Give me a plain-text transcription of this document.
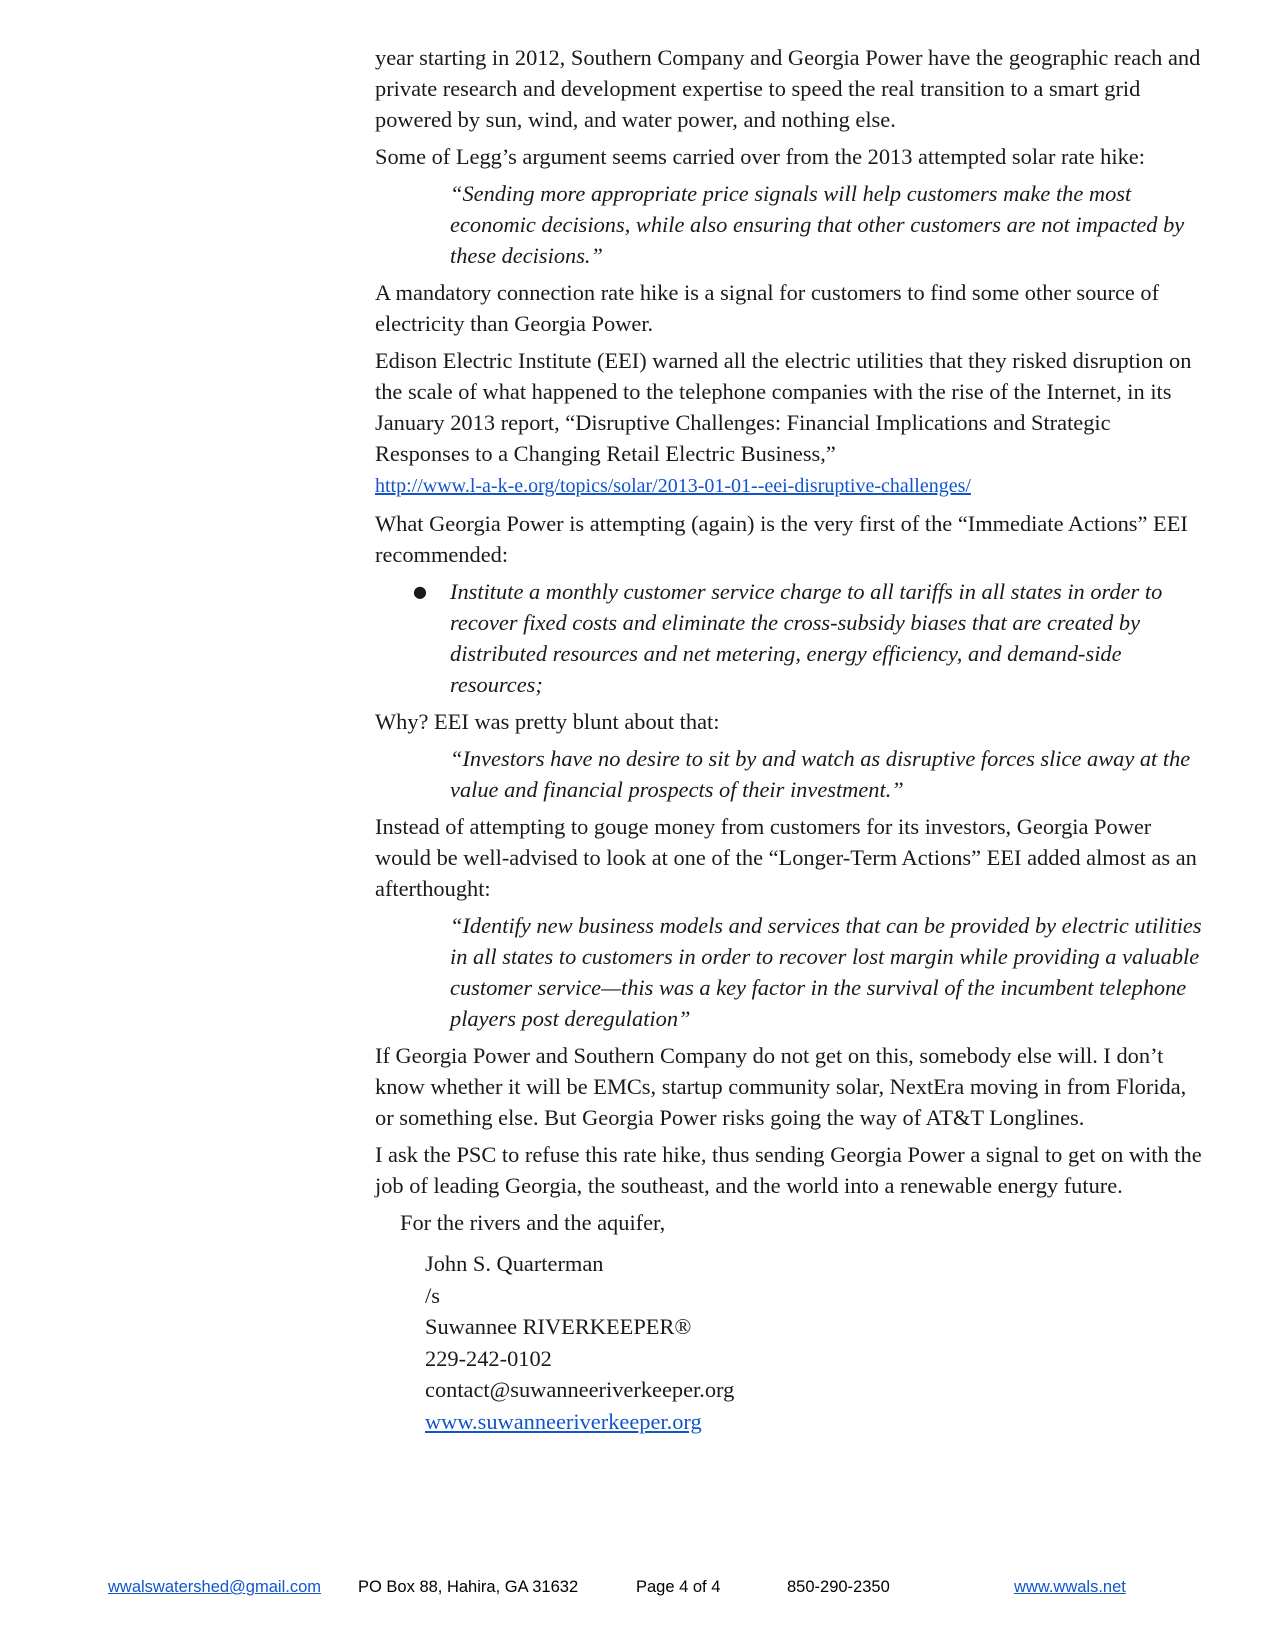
year starting in 2012, Southern Company and Georgia Power have the geographic reach and private research and development expertise to speed the real transition to a smart grid powered by sun, wind, and water power, and nothing else.

Some of Legg’s argument seems carried over from the 2013 attempted solar rate hike:

“Sending more appropriate price signals will help customers make the most economic decisions, while also ensuring that other customers are not impacted by these decisions.”

A mandatory connection rate hike is a signal for customers to find some other source of electricity than Georgia Power.

Edison Electric Institute (EEI) warned all the electric utilities that they risked disruption on the scale of what happened to the telephone companies with the rise of the Internet, in its January 2013 report, “Disruptive Challenges: Financial Implications and Strategic Responses to a Changing Retail Electric Business,”
http://www.l-a-k-e.org/topics/solar/2013-01-01--eei-disruptive-challenges/

What Georgia Power is attempting (again) is the very first of the “Immediate Actions” EEI recommended:

● Institute a monthly customer service charge to all tariffs in all states in order to recover fixed costs and eliminate the cross-subsidy biases that are created by distributed resources and net metering, energy efficiency, and demand-side resources;

Why? EEI was pretty blunt about that:

“Investors have no desire to sit by and watch as disruptive forces slice away at the value and financial prospects of their investment.”

Instead of attempting to gouge money from customers for its investors, Georgia Power would be well-advised to look at one of the “Longer-Term Actions” EEI added almost as an afterthought:

“Identify new business models and services that can be provided by electric utilities in all states to customers in order to recover lost margin while providing a valuable customer service—this was a key factor in the survival of the incumbent telephone players post deregulation”

If Georgia Power and Southern Company do not get on this, somebody else will. I don’t know whether it will be EMCs, startup community solar, NextEra moving in from Florida, or something else. But Georgia Power risks going the way of AT&T Longlines.

I ask the PSC to refuse this rate hike, thus sending Georgia Power a signal to get on with the job of leading Georgia, the southeast, and the world into a renewable energy future.

For the rivers and the aquifer,

John S. Quarterman
/s
Suwannee RIVERKEEPER®
229-242-0102
contact@suwanneeriverkeeper.org
www.suwanneeriverkeeper.org
wwalswatershed@gmail.com PO Box 88, Hahira, GA 31632	Page 4 of 4	850-290-2350	www.wwals.net
